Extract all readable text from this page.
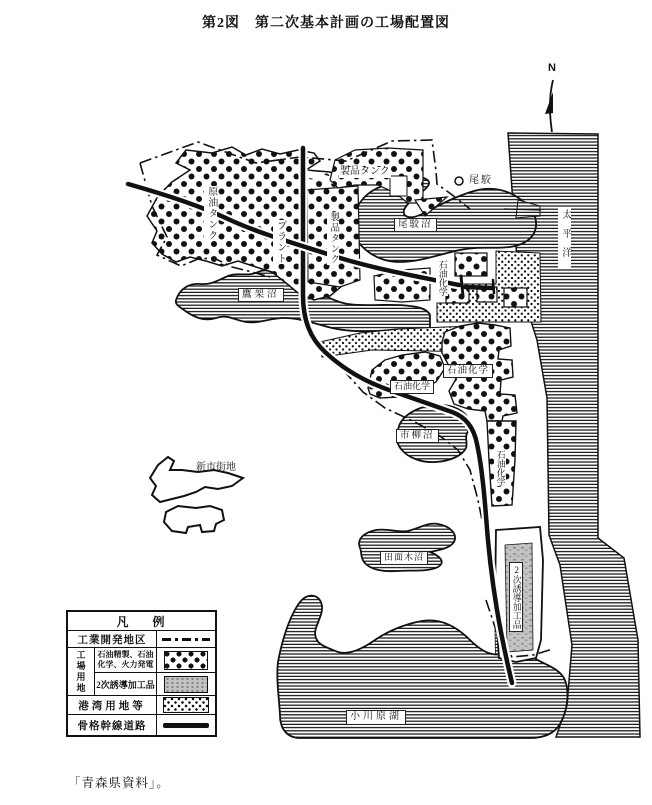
第2図　第二次基本計画の工場配置図
原油タンク
プラント
製品タンク
製品タンク
尾駮
尾駮沼
石油化学
石油化学
石油化学
石油化学
鷹架沼
市柳沼
新市街地
田面木沼
2次誘導加工品
小川原湖
太平洋
N
凡　例
工業開発地区
工場用地	石油精製、石油
化学、火力発電
2次誘導加工品
港湾用地等
骨格幹線道路
「青森県資料」。
